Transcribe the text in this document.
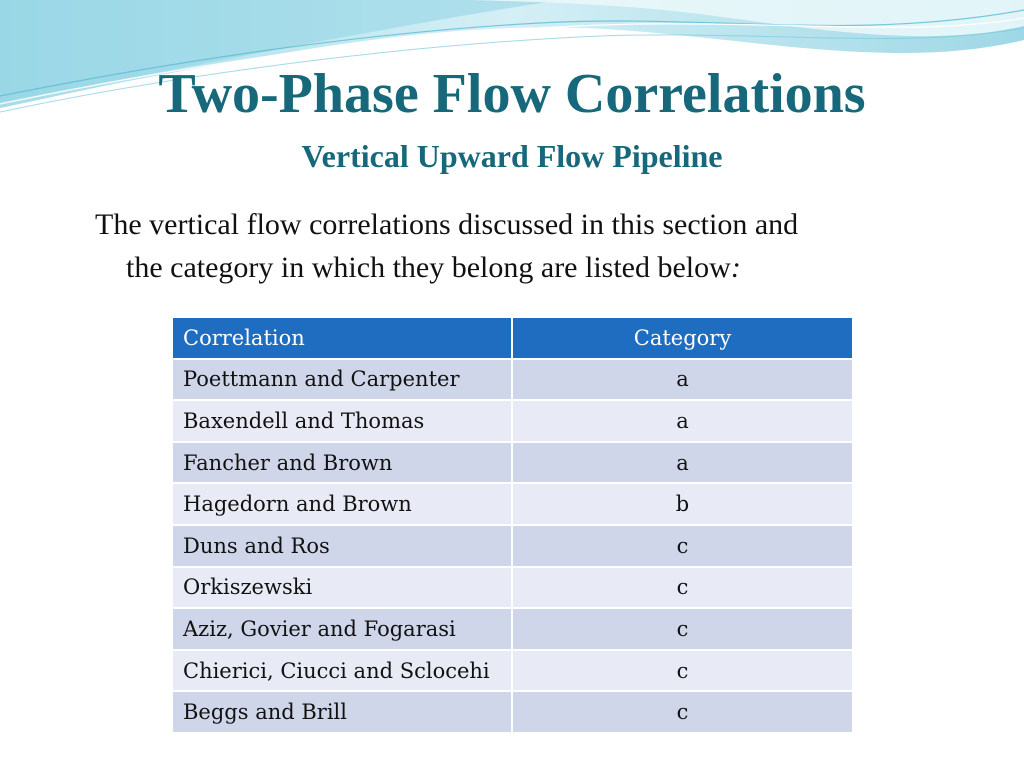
Two-Phase Flow Correlations
Vertical Upward Flow Pipeline
The vertical flow correlations discussed in this section and
the category in which they belong are listed below:
Correlation	Category
Poettmann and Carpenter	a
Baxendell and Thomas	a
Fancher and Brown	a
Hagedorn and Brown	b
Duns and Ros	c
Orkiszewski	c
Aziz, Govier and Fogarasi	c
Chierici, Ciucci and Sclocehi	c
Beggs and Brill	c
